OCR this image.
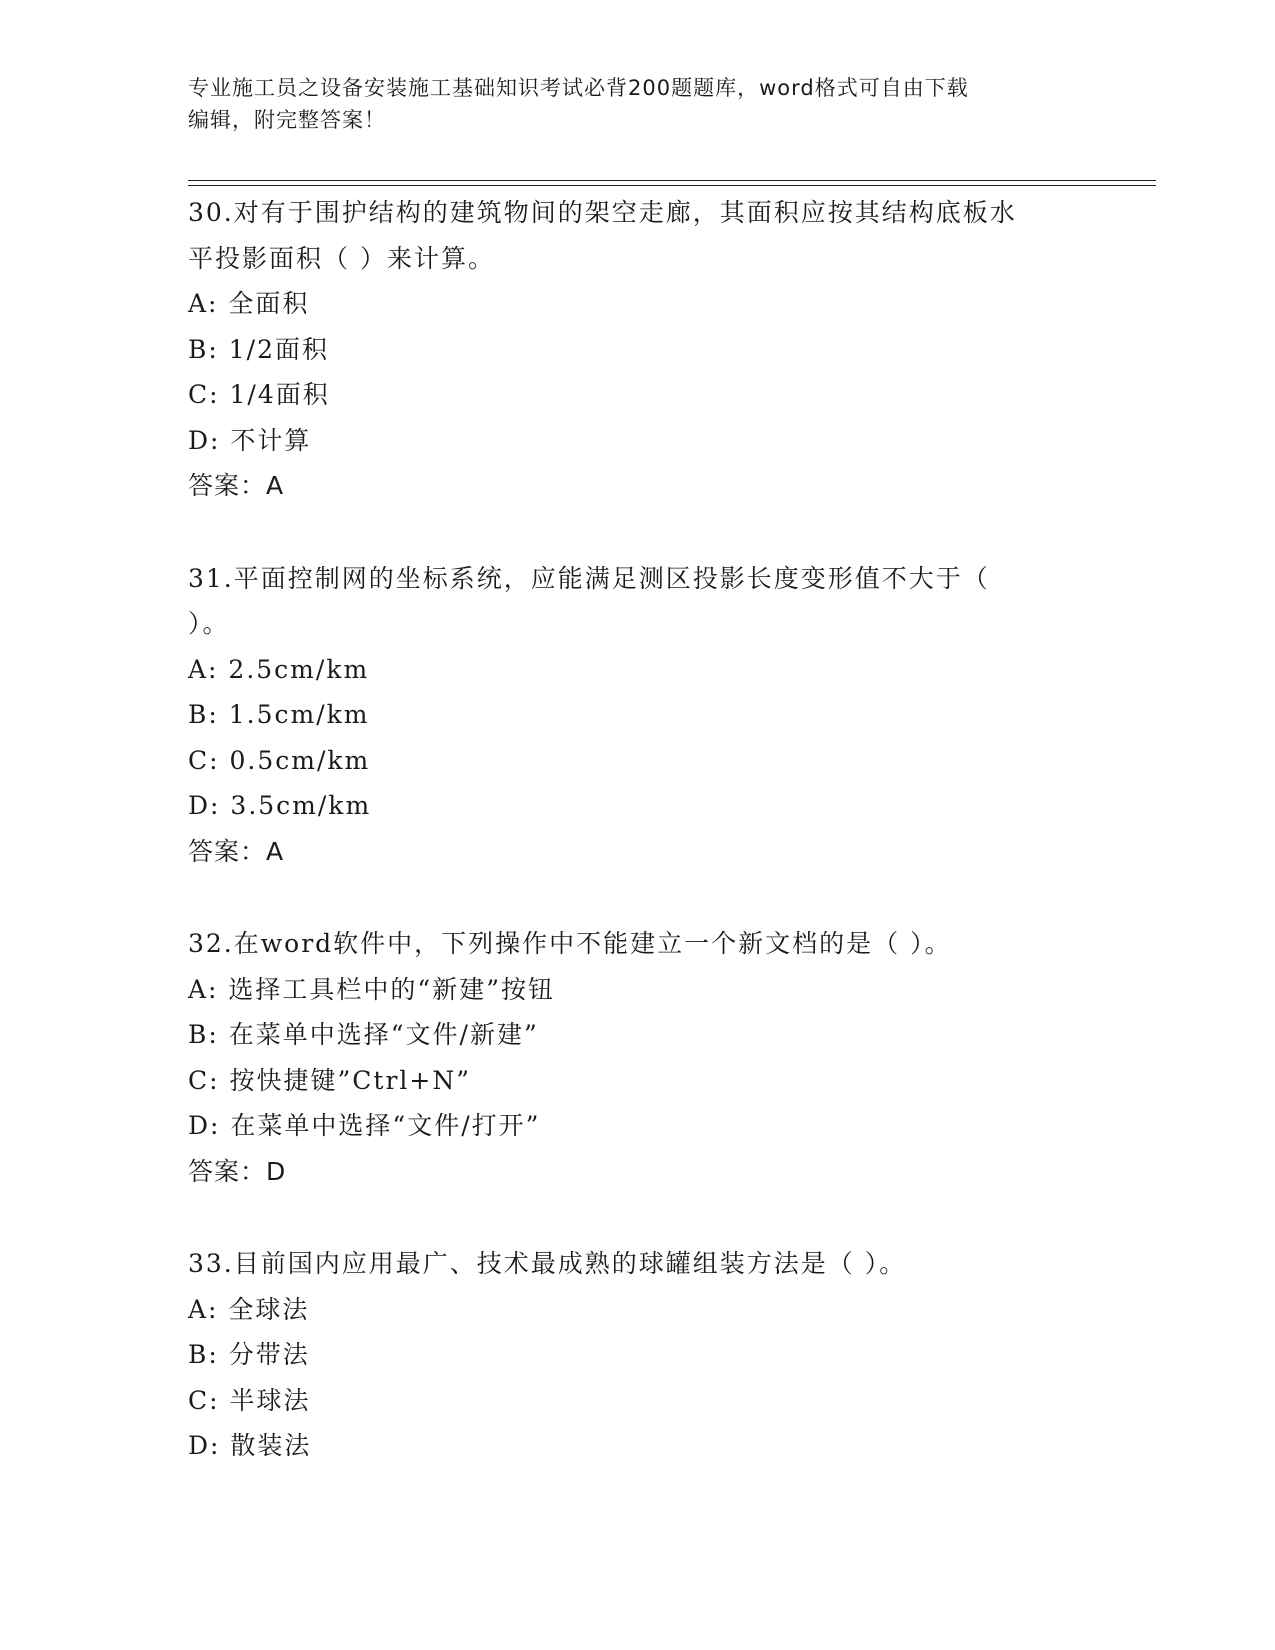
专业施工员之设备安装施工基础知识考试必背200题题库，word格式可自由下载
编辑，附完整答案！
30.对有于围护结构的建筑物间的架空走廊，其面积应按其结构底板水
平投影面积（ ）来计算。
A: 全面积
B: 1/2面积
C: 1/4面积
D: 不计算
答案：A
31.平面控制网的坐标系统，应能满足测区投影长度变形值不大于（
）。
A: 2.5cm/km
B: 1.5cm/km
C: 0.5cm/km
D: 3.5cm/km
答案：A
32.在word软件中，下列操作中不能建立一个新文档的是（ ）。
A: 选择工具栏中的“新建”按钮
B: 在菜单中选择“文件/新建”
C: 按快捷键”Ctrl+N”
D: 在菜单中选择“文件/打开”
答案：D
33.目前国内应用最广、技术最成熟的球罐组装方法是（ ）。
A: 全球法
B: 分带法
C: 半球法
D: 散装法
